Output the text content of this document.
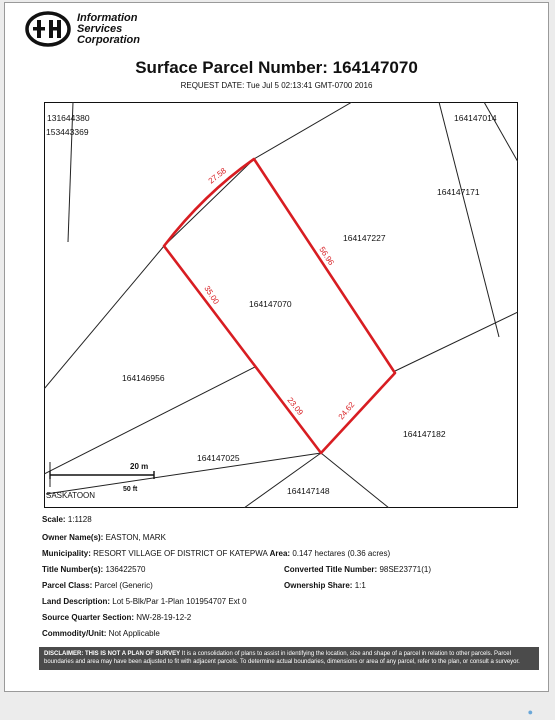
Information
Services
Corporation
Surface Parcel Number: 164147070
REQUEST DATE: Tue Jul 5 02:13:41 GMT-0700 2016
27.58
56.96
35.00
23.09	24.62
131644380
153443369
164147014
164147171
164147227
164147070
164146956
164147182
164147025
164147148
20 m
50 ft
SASKATOON
Scale: 1:1128
Owner Name(s): EASTON, MARK
Municipality: RESORT VILLAGE OF DISTRICT OF KATEPWA Area: 0.147 hectares (0.36 acres)
Title Number(s): 136422570	Converted Title Number: 98SE23771(1)
Parcel Class: Parcel (Generic)	Ownership Share: 1:1
Land Description: Lot 5-Blk/Par 1-Plan 101954707 Ext 0
Source Quarter Section: NW-28-19-12-2
Commodity/Unit: Not Applicable
DISCLAIMER: THIS IS NOT A PLAN OF SURVEY It is a consolidation of plans to assist in identifying the location, size and shape of a parcel in relation to other parcels. Parcel boundaries and area may have been adjusted to fit with adjacent parcels. To determine actual boundaries, dimensions or area of any parcel, refer to the plan, or consult a surveyor.
●
